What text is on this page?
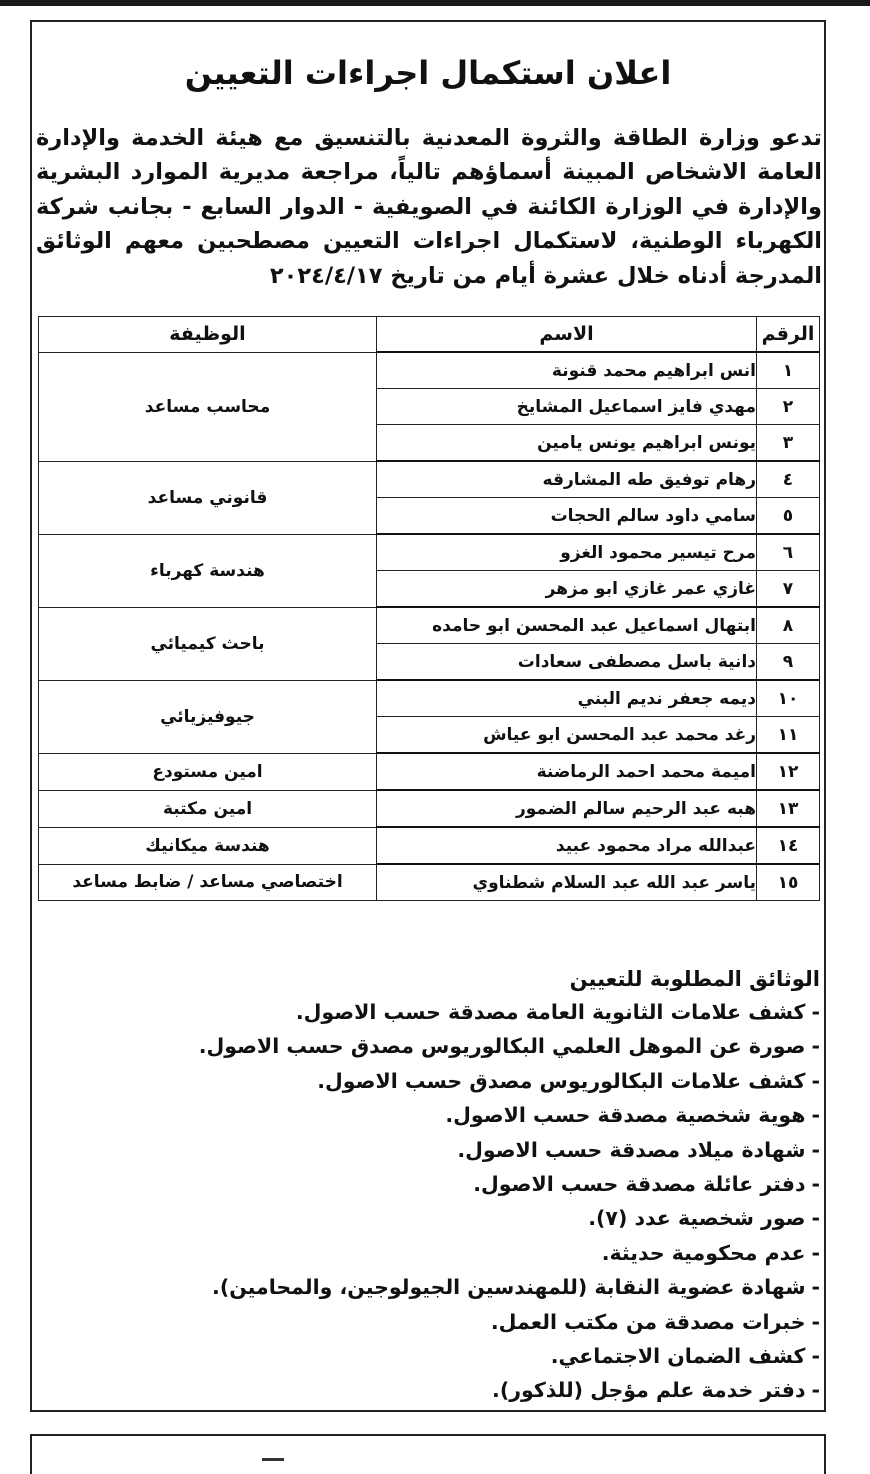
اعلان استكمال اجراءات التعيين

تدعو وزارة الطاقة والثروة المعدنية بالتنسيق مع هيئة الخدمة والإدارة العامة الاشخاص المبينة أسماؤهم تالياً، مراجعة مديرية الموارد البشرية والإدارة في الوزارة الكائنة في الصويفية - الدوار السابع - بجانب شركة الكهرباء الوطنية، لاستكمال اجراءات التعيين مصطحبين معهم الوثائق المدرجة أدناه خلال عشرة أيام من تاريخ ٢٠٢٤/٤/١٧

الرقم	الاسم	الوظيفة
١	انس ابراهيم محمد قنونة	محاسب مساعد
٢	مهدي فايز اسماعيل المشايخ	
٣	يونس ابراهيم يونس يامين	
٤	رهام توفيق طه المشارقه	قانوني مساعد
٥	سامي داود سالم الحجات	
٦	مرح تيسير محمود الغزو	هندسة كهرباء
٧	غازي عمر غازي ابو مزهر	
٨	ابتهال اسماعيل عبد المحسن ابو حامده	باحث كيميائي
٩	دانية باسل مصطفى سعادات	
١٠	ديمه جعفر نديم البني	جيوفيزيائي
١١	رغد محمد عبد المحسن ابو عياش	
١٢	اميمة محمد احمد الرماضنة	امين مستودع
١٣	هبه عبد الرحيم سالم الضمور	امين مكتبة
١٤	عبدالله مراد محمود عبيد	هندسة ميكانيك
١٥	ياسر عبد الله عبد السلام شطناوي	اختصاصي مساعد / ضابط مساعد
الوثائق المطلوبة للتعيين
-كشف علامات الثانوية العامة مصدقة حسب الاصول.
-صورة عن الموهل العلمي البكالوريوس مصدق حسب الاصول.
-كشف علامات البكالوريوس مصدق حسب الاصول.
-هوية شخصية مصدقة حسب الاصول.
-شهادة ميلاد مصدقة حسب الاصول.
-دفتر عائلة مصدقة حسب الاصول.
-صور شخصية عدد (٧).
-عدم محكومية حديثة.
-شهادة عضوية النقابة (للمهندسين الجيولوجين، والمحامين).
-خبرات مصدقة من مكتب العمل.
-كشف الضمان الاجتماعي.
-دفتر خدمة علم مؤجل (للذكور).
